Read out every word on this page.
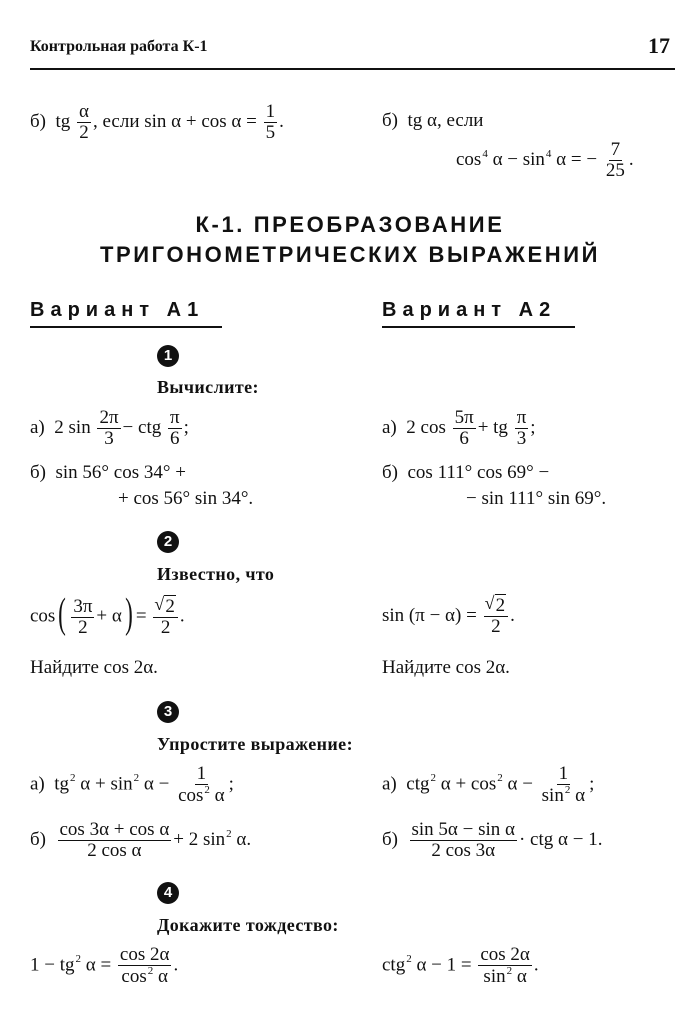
Контрольная работа К-1	17
б) tg $\frac{\alpha}{2}$ , если $\sin \alpha + \cos \alpha = \frac{1}{5}$ .	б) tg α, если
$\cos^4 \alpha - \sin^4 \alpha$ = − $\frac{7}{25}$ .
К-1. ПРЕОБРАЗОВАНИЕ
ТРИГОНОМЕТРИЧЕСКИХ ВЫРАЖЕНИЙ
Вариант А1	Вариант А2
1
Вычислите:
а) 2 $\sin \frac{2\pi}{3}$ − ctg $\frac{\pi}{6}$ ;	а) 2 $\cos \frac{5\pi}{6}$ + tg $\frac{\pi}{3}$ ;
б) sin 56° cos 34° +
+ cos 56° sin 34°.
б) cos 111° cos 69° −
− sin 111° sin 69°.
2
Известно, что
$\cos( \frac{3\pi}{2} + \alpha)$ = √ $\frac{2}{2}$ .	sin (π − α) = √ $\frac{2}{2}$ .
Найдите cos 2α.	Найдите cos 2α.
3
Упростите выражение:
а) $tg^2$ $\alpha + \sin^2 \alpha - \frac{1}{\cos^2 \alpha}$ ;	а) ctg$^2$ $\alpha + \cos^2 \alpha - \frac{1}{\sin^2 \alpha}$ ;
$б) \frac{\text{cos 3α + cos α}}{\text{2 cos α}} + 2$ $\sin^2 \alpha$.	$б) \frac{\text{sin 5α − sin α}}{2 \cos 3\alpha}$ · ctg α − 1.
4
Докажите тождество:
$1 - tg^2$ $\alpha = \frac{\cos 2\alpha}{\cos^2 \alpha}$ .	ctg$^2$ $\alpha - 1 = \frac{\cos 2\alpha}{\sin^2 \alpha}$ .
